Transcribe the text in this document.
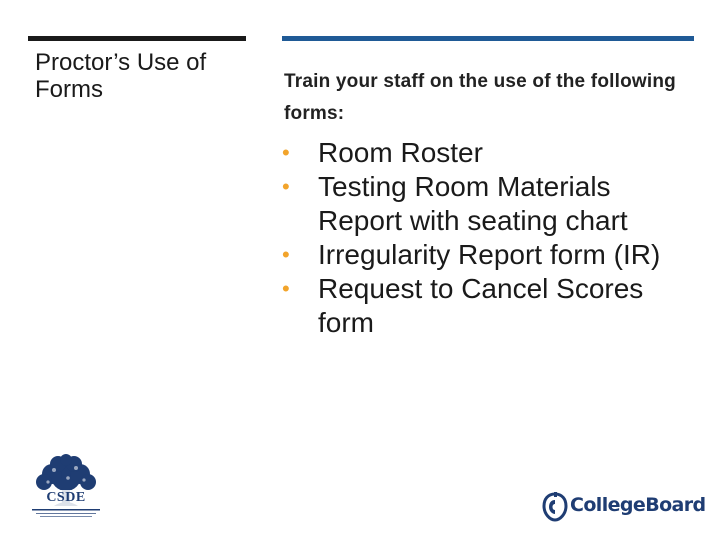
Proctor’s Use of Forms	Train your staff on the use of the following forms:
•	Room Roster
•	Testing Room Materials Report with seating chart
•	Irregularity Report form (IR)
•	Request to Cancel Scores form
CSDE	CollegeBoard
